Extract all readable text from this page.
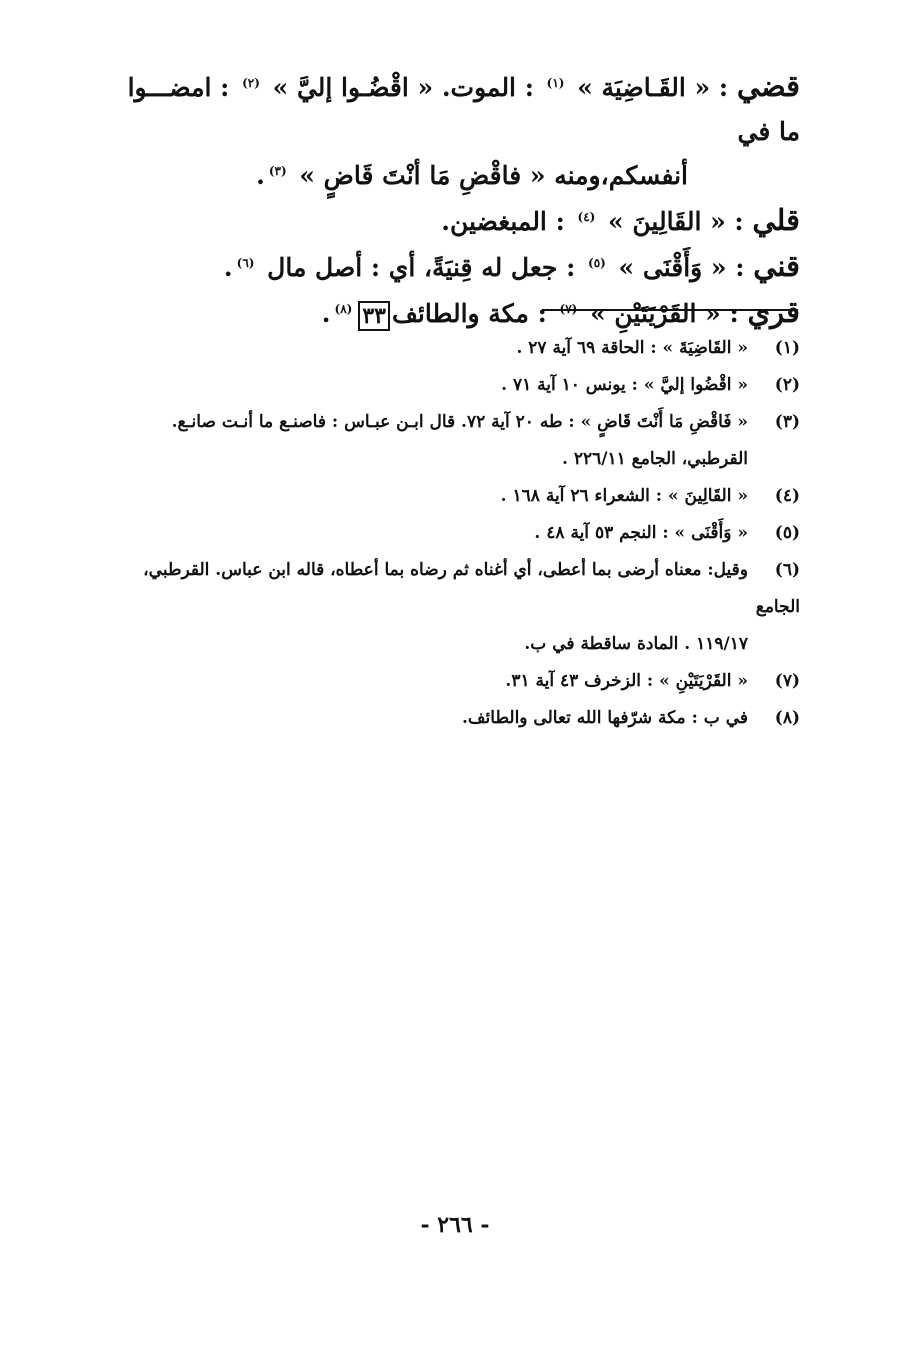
قضي : « القَـاضِيَة » $^{(١)}$ : الموت. « اقْضُـوا إليَّ » $^{(٢)}$ : امضـــوا ما في
أنفسكم،ومنه « فاقْضِ مَا أنْتَ قَاضٍ » $^{(٣)}$.
قلي : « القَالِينَ » $^{(٤)}$ : المبغضين.
قني : « وَأَقْنَى » $^{(٥)}$ : جعل له قِنيَةً، أي : أصل مال $^{(٦)}$.
قري : « القَرْيَتَيْنِ » $^{(٧)}$ : مكة والطائف٣٣$^{(٨)}$.
(١)« القَاضِيَةَ » : الحاقة ٦٩ آية ٢٧ .
(٢)« اقْضُوا إليَّ » : يونس ١٠ آية ٧١ .
(٣)« فَاقْضِ مَا أَنْتَ قَاضٍ » : طه ٢٠ آية ٧٢. قال ابـن عبـاس : فاصنـع ما أنـت صانـع.
القرطبي، الجامع ٢٢٦/١١ .
(٤)« القَالِينَ » : الشعراء ٢٦ آية ١٦٨ .
(٥)« وَأَقْنَى » : النجم ٥٣ آية ٤٨ .
(٦)وقيل: معناه أرضى بما أعطى، أي أغناه ثم رضاه بما أعطاه، قاله ابن عباس. القرطبي، الجامع
١١٩/١٧ . المادة ساقطة في ب.
(٧)« القَرْيَتَيْنِ » : الزخرف ٤٣ آية ٣١.
(٨)في ب : مكة شرّفها الله تعالى والطائف.
- ٢٦٦ -
